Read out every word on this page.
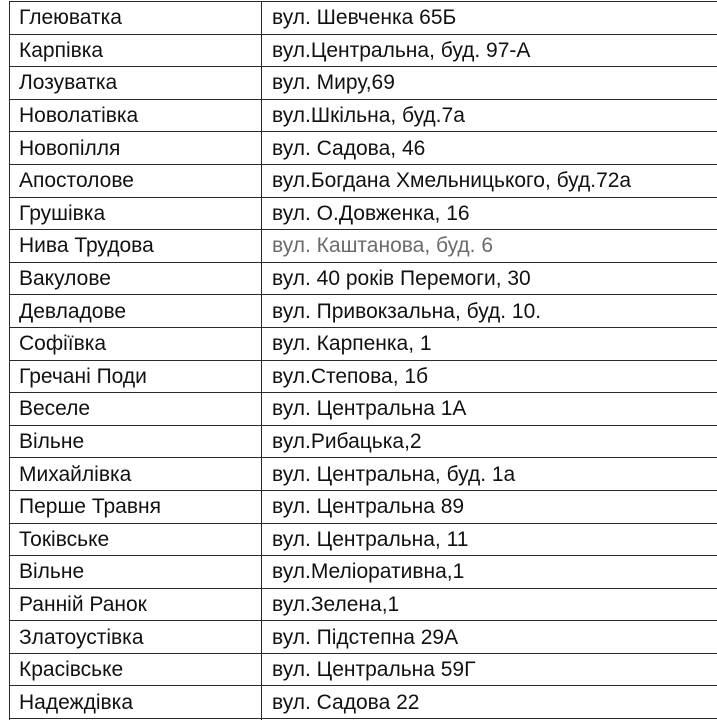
Глеюватка	вул. Шевченка 65Б
Карпівка	вул.Центральна, буд. 97-А
Лозуватка	вул. Миру,69
Новолатівка	вул.Шкільна, буд.7а
Новопілля	вул. Садова, 46
Апостолове	вул.Богдана Хмельницького, буд.72а
Грушівка	вул. О.Довженка, 16
Нива Трудова	вул. Каштанова, буд. 6
Вакулове	вул. 40 років Перемоги, 30
Девладове	вул. Привокзальна, буд. 10.
Софіївка	вул. Карпенка, 1
Гречані Поди	вул.Степова, 1б
Веселе	вул. Центральна 1А
Вільне	вул.Рибацька,2
Михайлівка	вул. Центральна, буд. 1а
Перше Травня	вул. Центральна 89
Токівське	вул. Центральна, 11
Вільне	вул.Меліоративна,1
Ранній Ранок	вул.Зелена,1
Златоустівка	вул. Підстепна 29А
Красівське	вул. Центральна 59Г
Надеждівка	вул. Садова 22
